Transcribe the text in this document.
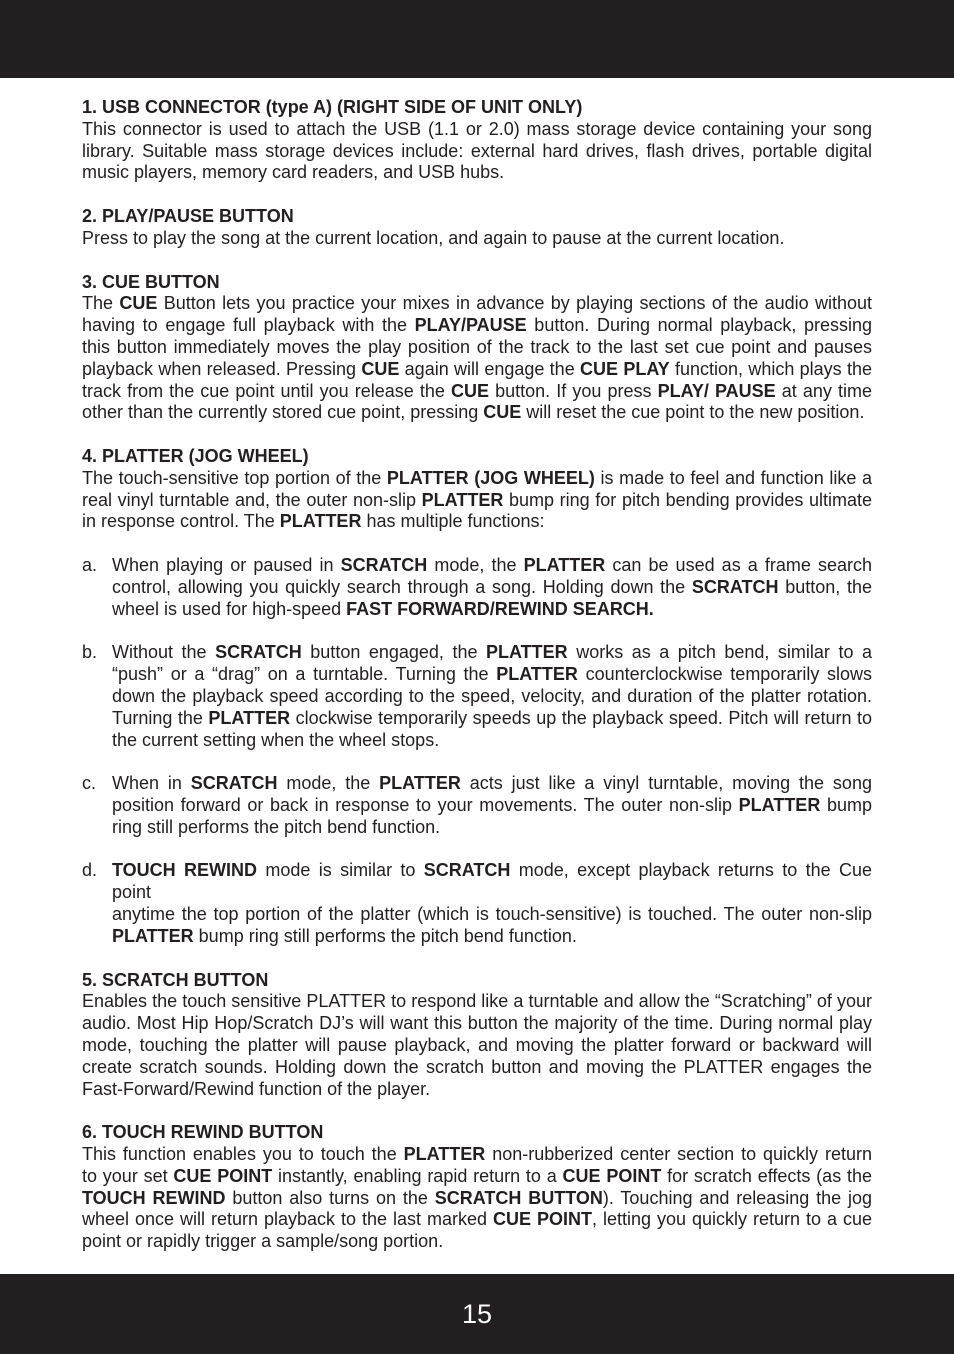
1. USB CONNECTOR (type A) (RIGHT SIDE OF UNIT ONLY)
This connector is used to attach the USB (1.1 or 2.0) mass storage device containing your song
library. Suitable mass storage devices include: external hard drives, flash drives, portable digital
music players, memory card readers, and USB hubs.
2. PLAY/PAUSE BUTTON
Press to play the song at the current location, and again to pause at the current location.
3. CUE BUTTON
The CUE Button lets you practice your mixes in advance by playing sections of the audio without
having to engage full playback with the PLAY/PAUSE button. During normal playback, pressing
this button immediately moves the play position of the track to the last set cue point and pauses
playback when released. Pressing CUE again will engage the CUE PLAY function, which plays the
track from the cue point until you release the CUE button. If you press PLAY/ PAUSE at any time
other than the currently stored cue point, pressing CUE will reset the cue point to the new position.
4. PLATTER (JOG WHEEL)
The touch-sensitive top portion of the PLATTER (JOG WHEEL) is made to feel and function like a
real vinyl turntable and, the outer non-slip PLATTER bump ring for pitch bending provides ultimate
in response control. The PLATTER has multiple functions:
a. When playing or paused in SCRATCH mode, the PLATTER can be used as a frame search
control, allowing you quickly search through a song. Holding down the SCRATCH button, the
wheel is used for high-speed FAST FORWARD/REWIND SEARCH.
b. Without the SCRATCH button engaged, the PLATTER works as a pitch bend, similar to a
“push” or a “drag” on a turntable. Turning the PLATTER counterclockwise temporarily slows
down the playback speed according to the speed, velocity, and duration of the platter rotation.
Turning the PLATTER clockwise temporarily speeds up the playback speed. Pitch will return to
the current setting when the wheel stops.
c. When in SCRATCH mode, the PLATTER acts just like a vinyl turntable, moving the song
position forward or back in response to your movements. The outer non-slip PLATTER bump
ring still performs the pitch bend function.
d. TOUCH REWIND mode is similar to SCRATCH mode, except playback returns to the Cue point
anytime the top portion of the platter (which is touch-sensitive) is touched. The outer non-slip
PLATTER bump ring still performs the pitch bend function.
5. SCRATCH BUTTON
Enables the touch sensitive PLATTER to respond like a turntable and allow the “Scratching” of your
audio. Most Hip Hop/Scratch DJ’s will want this button the majority of the time. During normal play
mode, touching the platter will pause playback, and moving the platter forward or backward will
create scratch sounds. Holding down the scratch button and moving the PLATTER engages the
Fast-Forward/Rewind function of the player.
6. TOUCH REWIND BUTTON
This function enables you to touch the PLATTER non-rubberized center section to quickly return
to your set CUE POINT instantly, enabling rapid return to a CUE POINT for scratch effects (as the
TOUCH REWIND button also turns on the SCRATCH BUTTON). Touching and releasing the jog
wheel once will return playback to the last marked CUE POINT, letting you quickly return to a cue
point or rapidly trigger a sample/song portion.
15
